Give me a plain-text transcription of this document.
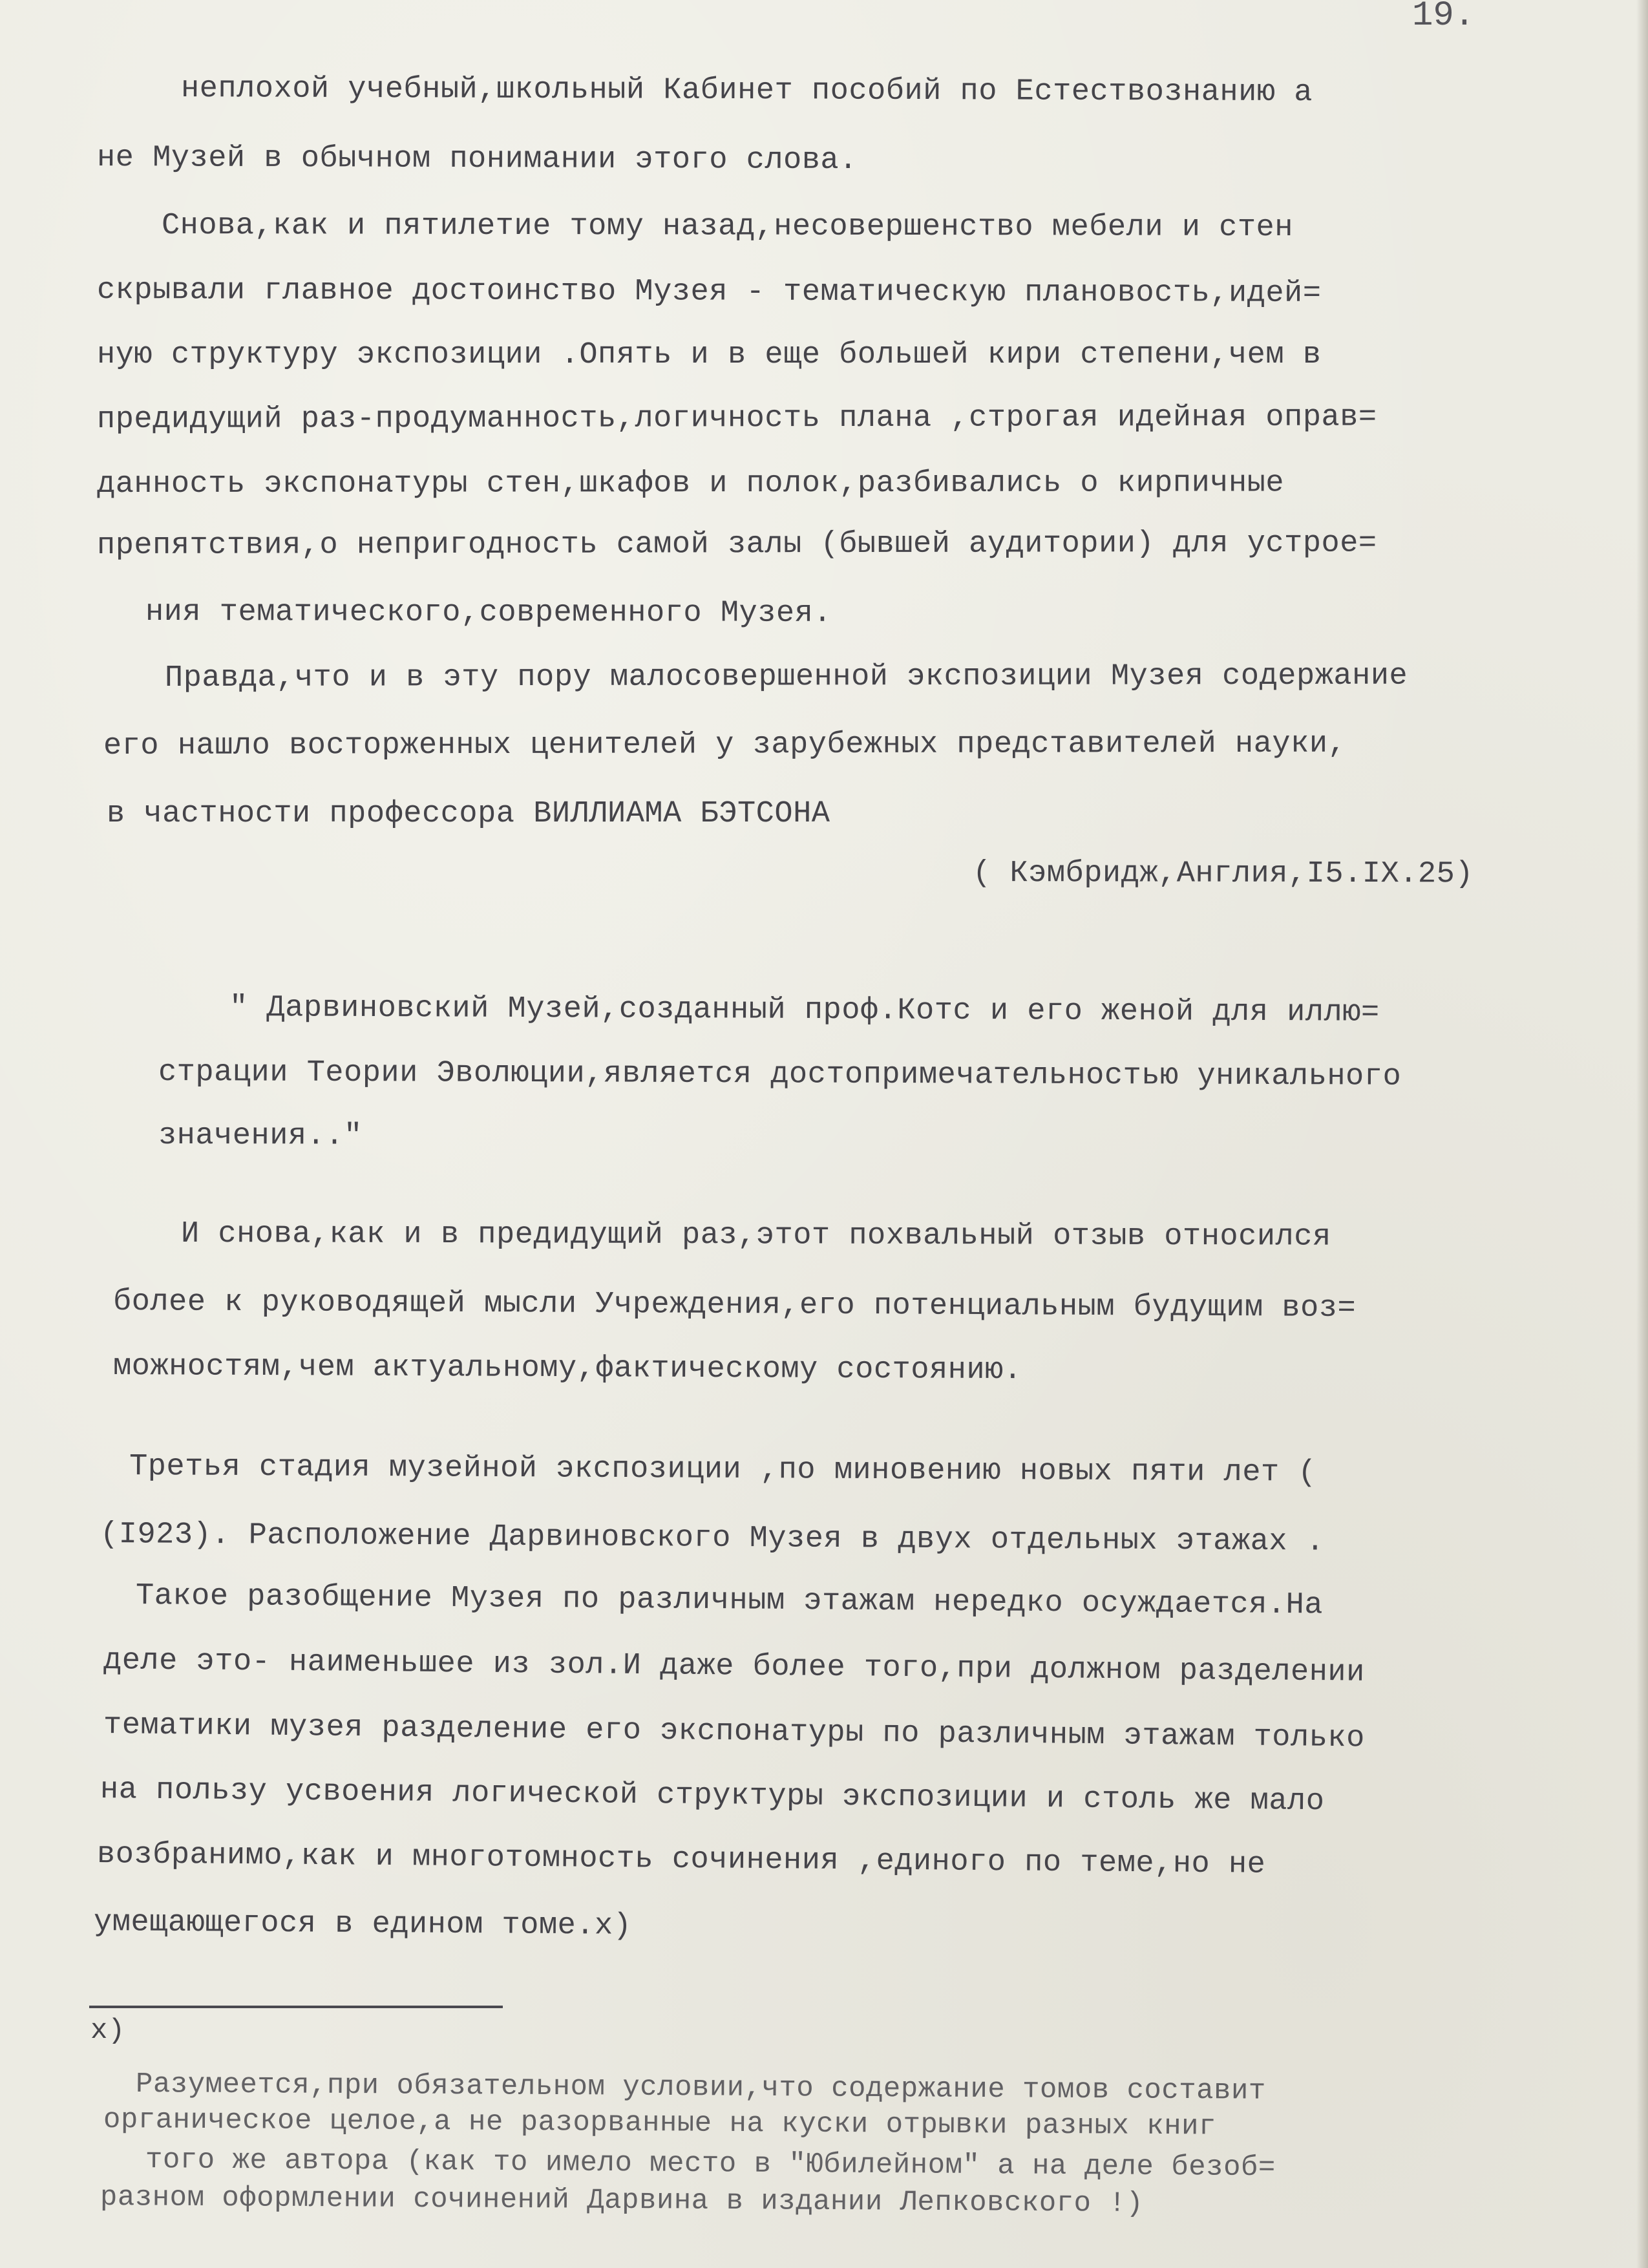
19.
неплохой учебный,школьный Кабинет пособий по Естествознанию а
не Музей в обычном понимании этого слова.
Снова,как и пятилетие тому назад,несовершенство мебели и стен
скрывали главное достоинство Музея - тематическую плановость,идей=
ную структуру экспозиции .Опять и в еще большей кири степени,чем в
предидущий раз-продуманность,логичность плана ,строгая идейная оправ=
данность экспонатуры стен,шкафов и полок,разбивались о кирпичные
препятствия,о непригодность самой залы (бывшей аудитории) для устрое=
ния тематического,современного Музея.
Правда,что и в эту пору малосовершенной экспозиции Музея содержание
его нашло восторженных ценителей у зарубежных представителей науки,
в частности профессора ВИЛЛИАМА БЭТСОНА
( Кэмбридж,Англия,I5.IX.25)
" Дарвиновский Музей,созданный проф.Котс и его женой для иллю=
страции Теории Эволюции,является достопримечательностью уникального
значения.."
И снова,как и в предидущий раз,этот похвальный отзыв относился
более к руководящей мысли Учреждения,его потенциальным будущим воз=
можностям,чем актуальному,фактическому состоянию.
Третья стадия музейной экспозиции ,по миновению новых пяти лет (
(I923). Расположение Дарвиновского Музея в двух отдельных этажах .
Такое разобщение Музея по различным этажам нередко осуждается.На
деле это- наименьшее из зол.И даже более того,при должном разделении
тематики музея разделение его экспонатуры по различным этажам только
на пользу усвоения логической структуры экспозиции и столь же мало
возбранимо,как и многотомность сочинения ,единого по теме,но не
умещающегося в едином томе.х)
х)
Разумеется,при обязательном условии,что содержание томов составит
органическое целое,а не разорванные на куски отрывки разных книг
того же автора (как то имело место в "Юбилейном" а на деле безоб=
разном оформлении сочинений Дарвина в издании Лепковского !)
